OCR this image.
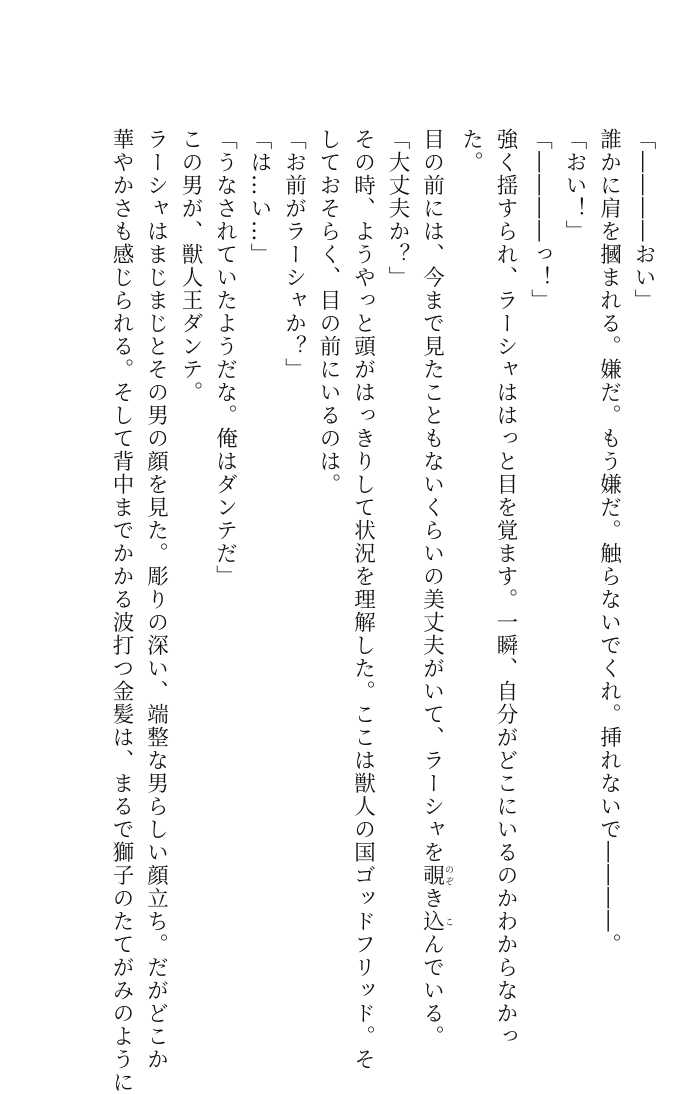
「――――おい」
誰かに肩を摑まれる。嫌だ。もう嫌だ。触らないでくれ。挿れないで――――。
「おい！」
「――――っ！」
強く揺すられ、ラーシャははっと目を覚ます。一瞬、自分がどこにいるのかわからなかっ
た。
目の前には、今まで見たこともないくらいの美丈夫がいて、ラーシャを覗のぞき込こんでいる。
「大丈夫か？」
その時、ようやっと頭がはっきりして状況を理解した。ここは獣人の国ゴッドフリッド。そ
しておそらく、目の前にいるのは。
「お前がラーシャか？」
「は…い…」
「うなされていたようだな。俺はダンテだ」
この男が、獣人王ダンテ。
ラーシャはまじまじとその男の顔を見た。彫りの深い、端整な男らしい顔立ち。だがどこか
華やかさも感じられる。そして背中までかかる波打つ金髪は、まるで獅子のたてがみのように
